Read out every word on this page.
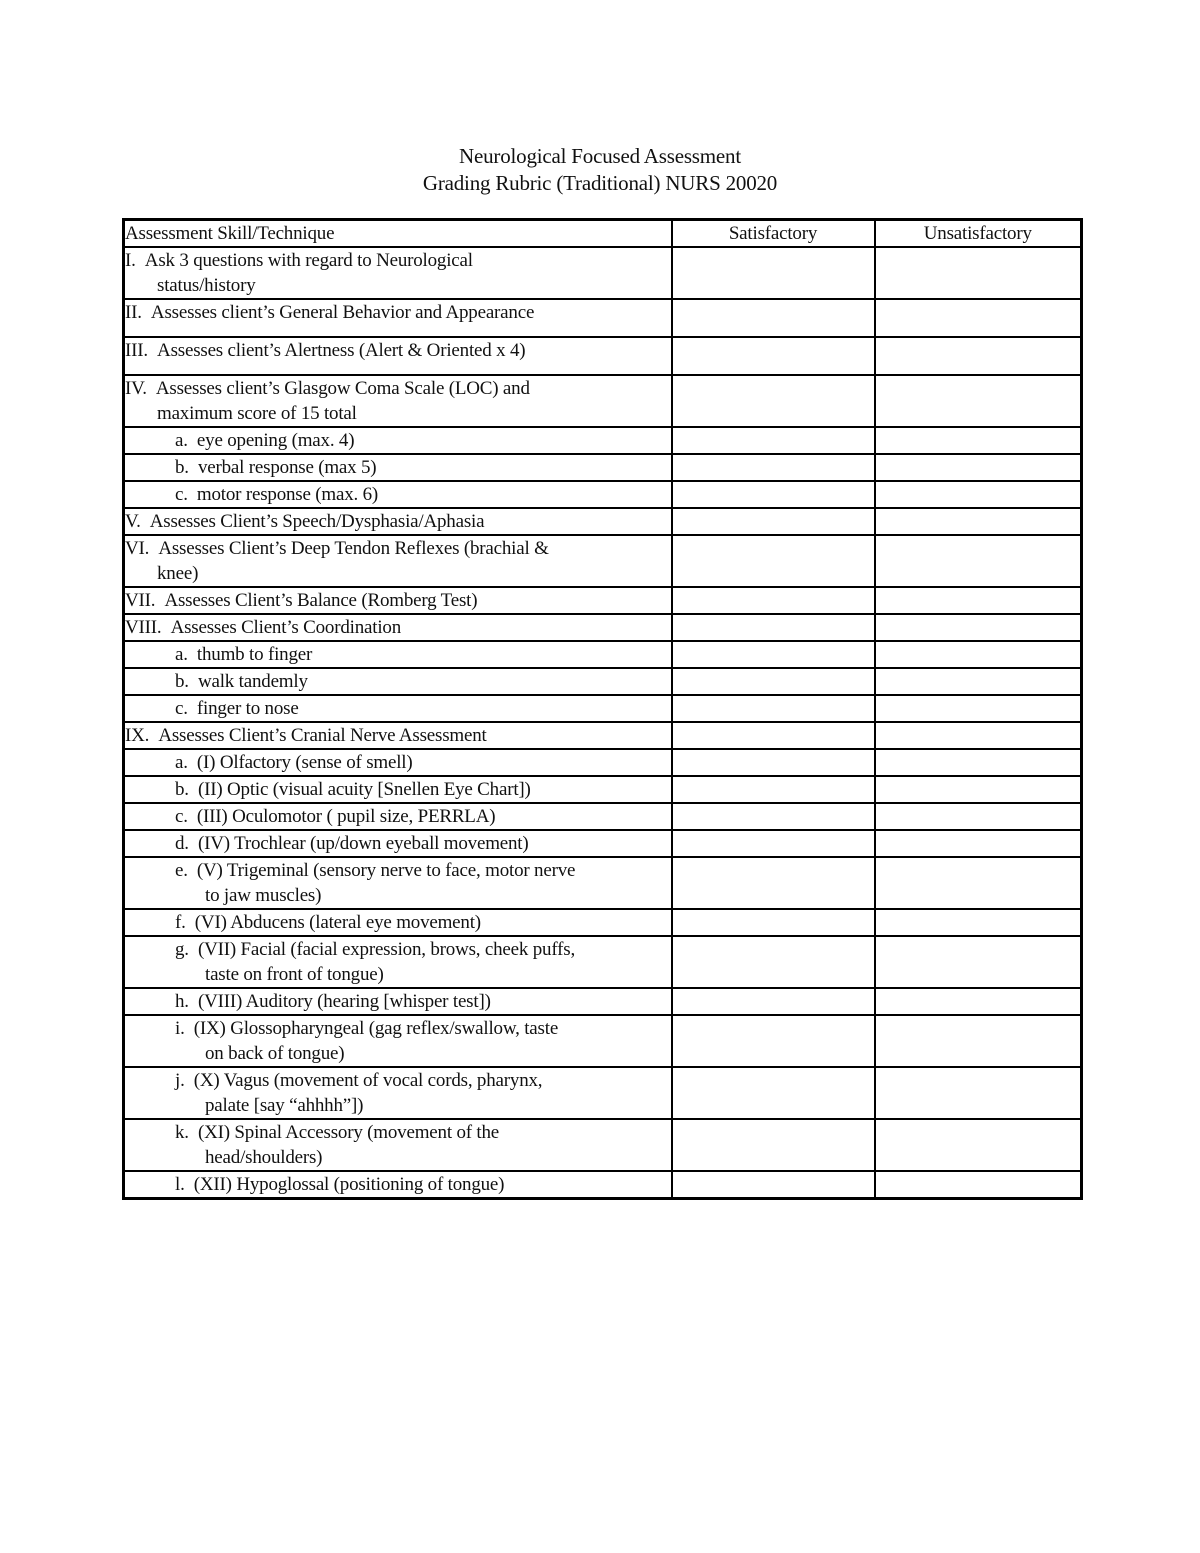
Neurological Focused Assessment
Grading Rubric (Traditional) NURS 20020
Assessment Skill/Technique	Satisfactory	Unsatisfactory
I. Ask 3 questions with regard to Neurological
status/history		

II. Assesses client’s General Behavior and Appearance		
III. Assesses client’s Alertness (Alert & Oriented x 4)		
IV. Assesses client’s Glasgow Coma Scale (LOC) and
maximum score of 15 total		

a. eye opening (max. 4)		
b. verbal response (max 5)		
c. motor response (max. 6)		
V. Assesses Client’s Speech/Dysphasia/Aphasia		
VI. Assesses Client’s Deep Tendon Reflexes (brachial &
knee)		

VII. Assesses Client’s Balance (Romberg Test)		
VIII. Assesses Client’s Coordination		
a. thumb to finger		
b. walk tandemly		
c. finger to nose		
IX. Assesses Client’s Cranial Nerve Assessment		
a. (I) Olfactory (sense of smell)		
b. (II) Optic (visual acuity [Snellen Eye Chart])		
c. (III) Oculomotor ( pupil size, PERRLA)		
d. (IV) Trochlear (up/down eyeball movement)		
e. (V) Trigeminal (sensory nerve to face, motor nerve
to jaw muscles)		

f. (VI) Abducens (lateral eye movement)		
g. (VII) Facial (facial expression, brows, cheek puffs,
taste on front of tongue)		

h. (VIII) Auditory (hearing [whisper test])		
i. (IX) Glossopharyngeal (gag reflex/swallow, taste
on back of tongue)		

j. (X) Vagus (movement of vocal cords, pharynx,
palate [say “ahhhh”])		

k. (XI) Spinal Accessory (movement of the
head/shoulders)		

l. (XII) Hypoglossal (positioning of tongue)		
